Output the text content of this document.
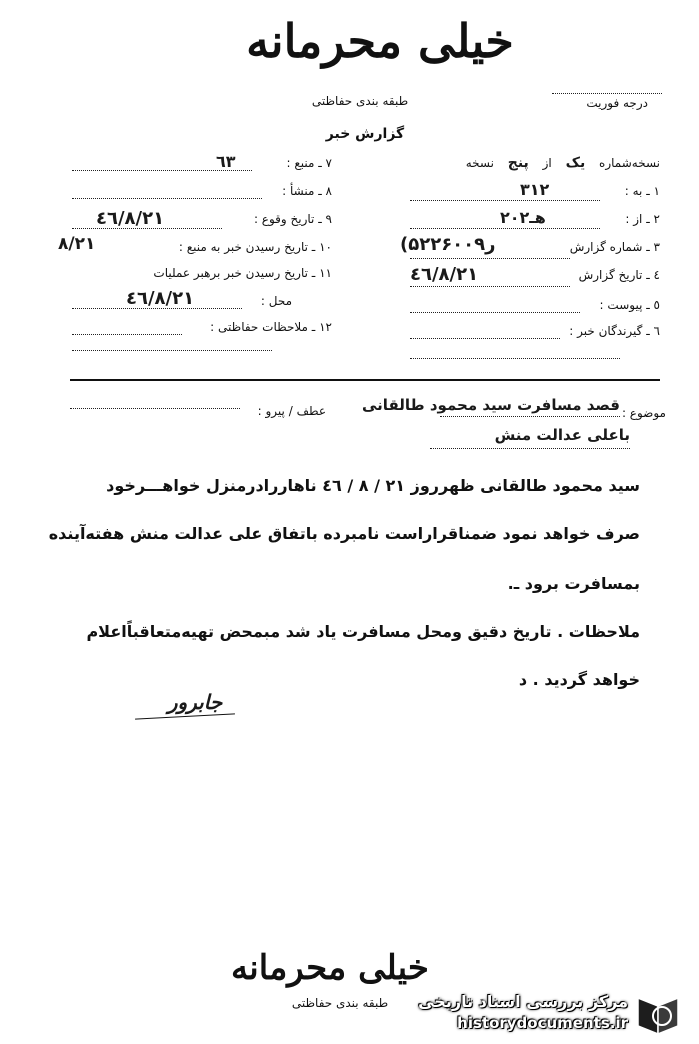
خیلی محرمانه
طبقه بندی حفاظتی	درجه فوریت
گزارش خبر
نسخه‌شماره یک از پنج نسخه
۱ ـ به :
۳۱۲
۲ ـ از :
۲۰هـ۲
۳ ـ شماره گزارش
(۵۲ر۲۶۰۰۹
٤ ـ تاریخ گزارش
٤٦/٨/٢١
٥ ـ پیوست :
٦ ـ گیرندگان خبر :
٧ ـ منبع :
٦٣
٨ ـ منشأ :
٩ ـ تاریخ وقوع :
٤٦/٨/٢١
١٠ ـ تاریخ رسیدن خبر به منبع :
٨/٢١
١١ ـ تاریخ رسیدن خبر برهبر عملیات
محل :
٤٦/٨/٢١
١٢ ـ ملاحظات حفاظتی :
موضوع :
قصد مسافرت سید محمود طالقانی
عطف / پیرو :
باعلی عدالت منش
سید محمود طالقانی ظهرروز ۲۱ / ۸ / ٤٦ ناهاررادرمنزل خواهـــرخود
صرف خواهد نمود ضمناقراراست نامبرده باتفاق علی عدالت منش هفته‌آینده
بمسافرت برود ـ.
ملاحظات . تاریخ دقیق ومحل مسافرت یاد شد مبمحض تهیه‌متعاقباًاعلام
خواهد گردید . د
جابرور
خیلی محرمانه
طبقه بندی حفاظتی	مرکز بررسی اسناد تاریخی
historydocuments.ir
